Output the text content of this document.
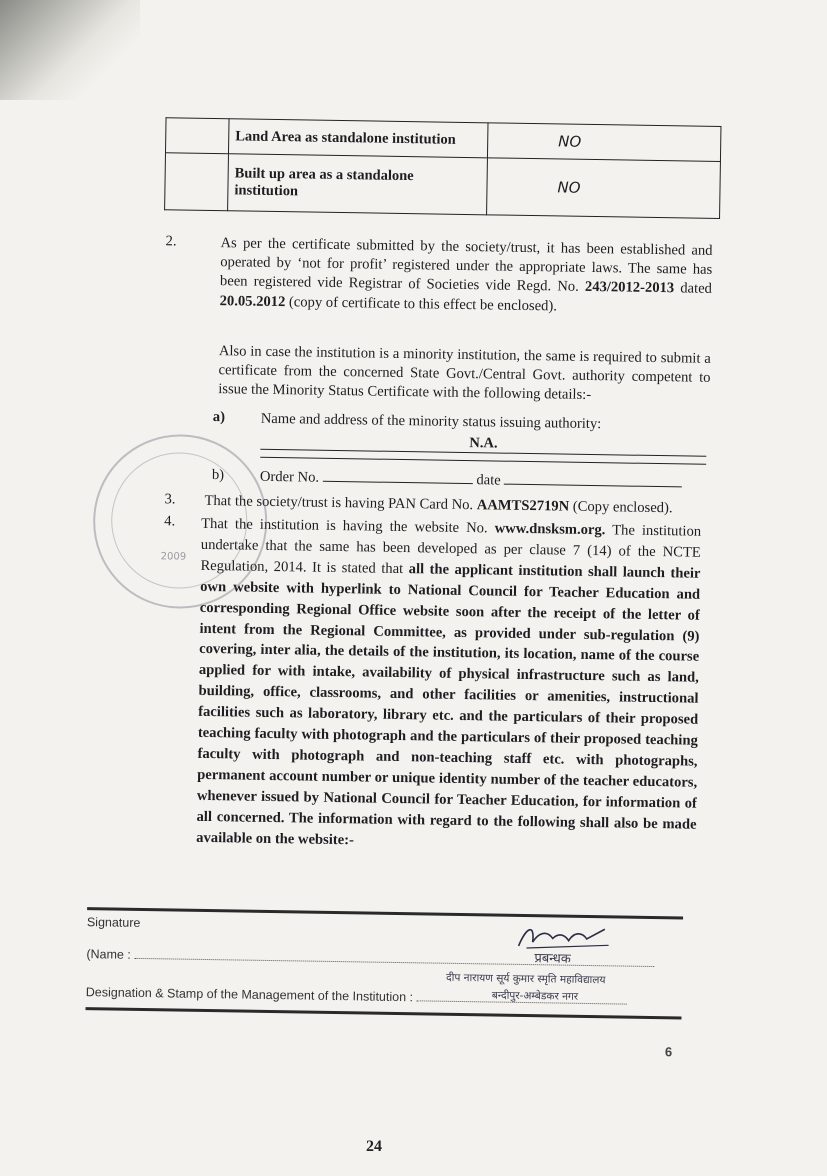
	Land Area as standalone institution	NO
	Built up area as a standalone institution	NO
2.	As per the certificate submitted by the society/trust, it has been established and operated by ‘not for profit’ registered under the appropriate laws. The same has been registered vide Registrar of Societies vide Regd. No. 243/2012-2013 dated 20.05.2012 (copy of certificate to this effect be enclosed).
Also in case the institution is a minority institution, the same is required to submit a certificate from the concerned State Govt./Central Govt. authority competent to issue the Minority Status Certificate with the following details:-
a) Name and address of the minority status issuing authority:
N.A.
b) Order No.	date
3. That the society/trust is having PAN Card No. AAMTS2719N (Copy enclosed).
4.	That the institution is having the website No. www.dnsksm.org. The institution undertake that the same has been developed as per clause 7 (14) of the NCTE Regulation, 2014. It is stated that all the applicant institution shall launch their own website with hyperlink to National Council for Teacher Education and corresponding Regional Office website soon after the receipt of the letter of intent from the Regional Committee, as provided under sub-regulation (9) covering, inter alia, the details of the institution, its location, name of the course applied for with intake, availability of physical infrastructure such as land, building, office, classrooms, and other facilities or amenities, instructional facilities such as laboratory, library etc. and the particulars of their proposed teaching faculty with photograph and the particulars of their proposed teaching faculty with photograph and non-teaching staff etc. with photographs, permanent account number or unique identity number of the teacher educators, whenever issued by National Council for Teacher Education, for information of all concerned. The information with regard to the following shall also be made available on the website:-
2009
Signature
(Name :
Designation & Stamp of the Management of the Institution :
प्रबन्धक
दीप नारायण सूर्य कुमार स्मृति महाविद्यालय
बन्दीपुर-अम्बेडकर नगर
6
24
